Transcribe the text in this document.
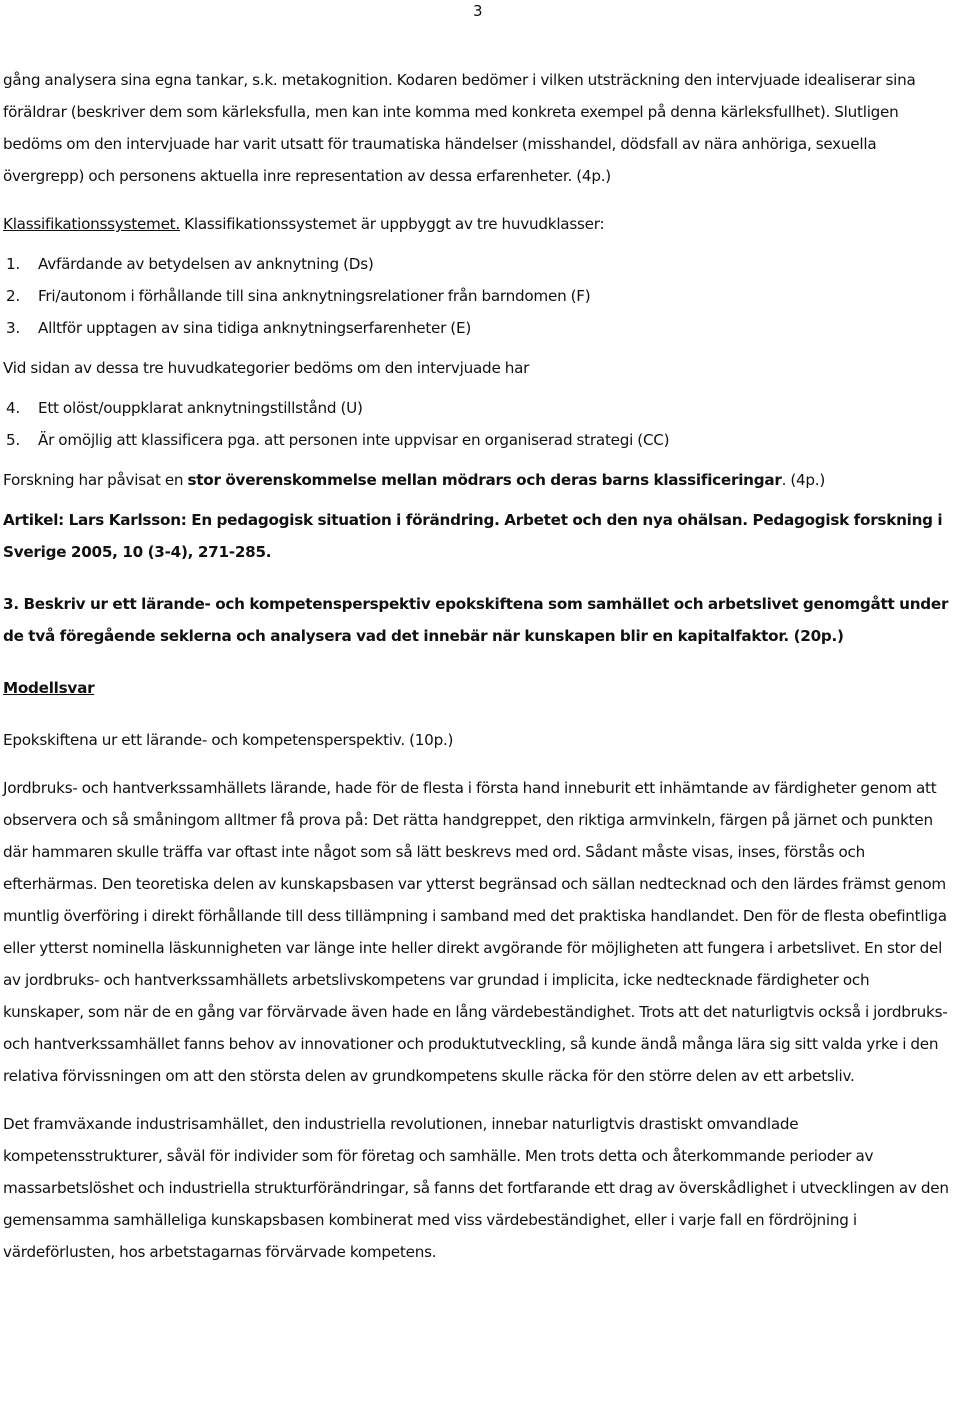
3

gång analysera sina egna tankar, s.k. metakognition. Kodaren bedömer i vilken utsträckning den intervjuade idealiserar sina föräldrar (beskriver dem som kärleksfulla, men kan inte komma med konkreta exempel på denna kärleksfullhet). Slutligen bedöms om den intervjuade har varit utsatt för traumatiska händelser (misshandel, dödsfall av nära anhöriga, sexuella övergrepp) och personens aktuella inre representation av dessa erfarenheter. (4p.)

Klassifikationssystemet. Klassifikationssystemet är uppbyggt av tre huvudklasser:

1.	Avfärdande av betydelsen av anknytning (Ds)
2.	Fri/autonom i förhållande till sina anknytningsrelationer från barndomen (F)
3.	Alltför upptagen av sina tidiga anknytningserfarenheter (E)

Vid sidan av dessa tre huvudkategorier bedöms om den intervjuade har

4.	Ett olöst/ouppklarat anknytningstillstånd (U)
5.	Är omöjlig att klassificera pga. att personen inte uppvisar en organiserad strategi (CC)

Forskning har påvisat en stor överenskommelse mellan mödrars och deras barns klassificeringar. (4p.)

Artikel: Lars Karlsson: En pedagogisk situation i förändring. Arbetet och den nya ohälsan. Pedagogisk forskning i Sverige 2005, 10 (3-4), 271-285.

3. Beskriv ur ett lärande- och kompetensperspektiv epokskiftena som samhället och arbetslivet genomgått under de två föregående seklerna och analysera vad det innebär när kunskapen blir en kapitalfaktor. (20p.)

Modellsvar

Epokskiftena ur ett lärande- och kompetensperspektiv. (10p.)

Jordbruks- och hantverkssamhällets lärande, hade för de flesta i första hand inneburit ett inhämtande av färdigheter genom att observera och så småningom alltmer få prova på: Det rätta handgreppet, den riktiga armvinkeln, färgen på järnet och punkten där hammaren skulle träffa var oftast inte något som så lätt beskrevs med ord. Sådant måste visas, inses, förstås och efterhärmas. Den teoretiska delen av kunskapsbasen var ytterst begränsad och sällan nedtecknad och den lärdes främst genom muntlig överföring i direkt förhållande till dess tillämpning i samband med det praktiska handlandet. Den för de flesta obefintliga eller ytterst nominella läskunnigheten var länge inte heller direkt avgörande för möjligheten att fungera i arbetslivet. En stor del av jordbruks- och hantverkssamhällets arbetslivskompetens var grundad i implicita, icke nedtecknade färdigheter och kunskaper, som när de en gång var förvärvade även hade en lång värdebeständighet. Trots att det naturligtvis också i jordbruks- och hantverkssamhället fanns behov av innovationer och produktutveckling, så kunde ändå många lära sig sitt valda yrke i den relativa förvissningen om att den största delen av grundkompetens skulle räcka för den större delen av ett arbetsliv.

Det framväxande industrisamhället, den industriella revolutionen, innebar naturligtvis drastiskt omvandlade kompetensstrukturer, såväl för individer som för företag och samhälle. Men trots detta och återkommande perioder av massarbetslöshet och industriella strukturförändringar, så fanns det fortfarande ett drag av överskådlighet i utvecklingen av den gemensamma samhälleliga kunskapsbasen kombinerat med viss värdebeständighet, eller i varje fall en fördröjning i värdeförlusten, hos arbetstagarnas förvärvade kompetens.
